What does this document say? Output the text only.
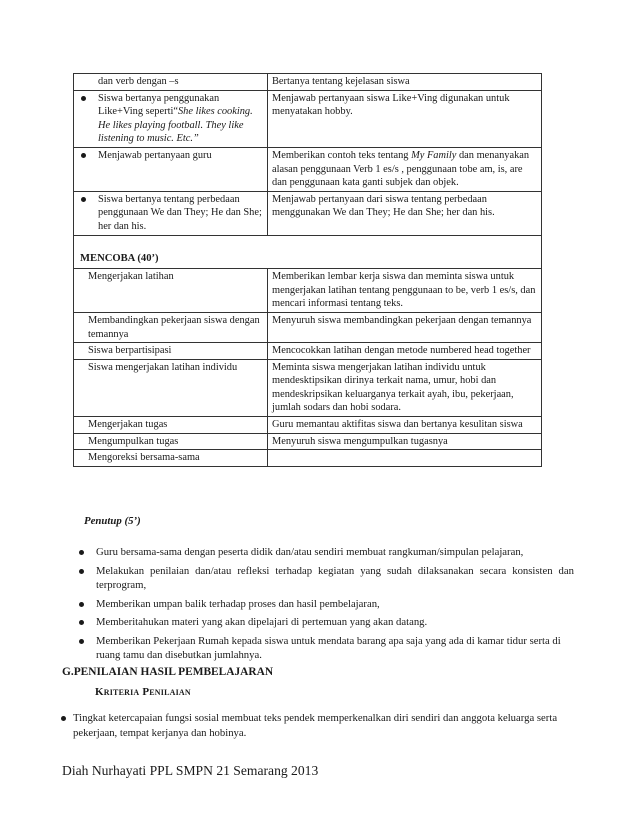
dan verb dengan –s	Bertanya tentang kejelasan siswa

Siswa bertanya penggunakan Like+Ving seperti“She likes cooking. He likes playing football. They like listening to music. Etc.”	Menjawab pertanyaan siswa Like+Ving digunakan untuk menyatakan hobby.

Menjawab pertanyaan guru	Memberikan contoh teks tentang My Family dan menanyakan alasan penggunaan Verb 1 es/s , penggunaan tobe am, is, are dan penggunaan kata ganti subjek dan objek.

Siswa bertanya tentang perbedaan penggunaan We dan They; He dan She; her dan his.	Menjawab pertanyaan dari siswa tentang perbedaan menggunakan We dan They; He dan She; her dan his.
MENCOBA (40’)	
Mengerjakan latihan	Memberikan lembar kerja siswa dan meminta siswa untuk mengerjakan latihan tentang penggunaan to be, verb 1 es/s, dan mencari informasi tentang teks.
Membandingkan pekerjaan siswa dengan temannya	Menyuruh siswa membandingkan pekerjaan dengan temannya
Siswa berpartisipasi	Mencocokkan latihan dengan metode numbered head together
Siswa mengerjakan latihan individu	Meminta siswa mengerjakan latihan individu untuk mendesktipsikan dirinya terkait nama, umur, hobi dan mendeskripsikan keluarganya terkait ayah, ibu, pekerjaan, jumlah sodars dan hobi sodara.
Mengerjakan tugas	Guru memantau aktifitas siswa dan bertanya kesulitan siswa
Mengumpulkan tugas	Menyuruh siswa mengumpulkan tugasnya
Mengoreksi bersama-sama	
Penutup (5’)
Guru bersama-sama dengan peserta didik dan/atau sendiri membuat rangkuman/simpulan pelajaran,
Melakukan penilaian dan/atau refleksi terhadap kegiatan yang sudah dilaksanakan secara konsisten dan terprogram,
Memberikan umpan balik terhadap proses dan hasil pembelajaran,
Memberitahukan materi yang akan dipelajari di pertemuan yang akan datang.
Memberikan Pekerjaan Rumah kepada siswa untuk mendata barang apa saja yang ada di kamar tidur serta di ruang tamu dan disebutkan jumlahnya.
G.PENILAIAN HASIL PEMBELAJARAN
Kriteria Penilaian
Tingkat ketercapaian fungsi sosial membuat teks pendek memperkenalkan diri sendiri dan anggota keluarga serta pekerjaan, tempat kerjanya dan hobinya.
Diah Nurhayati PPL SMPN 21 Semarang 2013
